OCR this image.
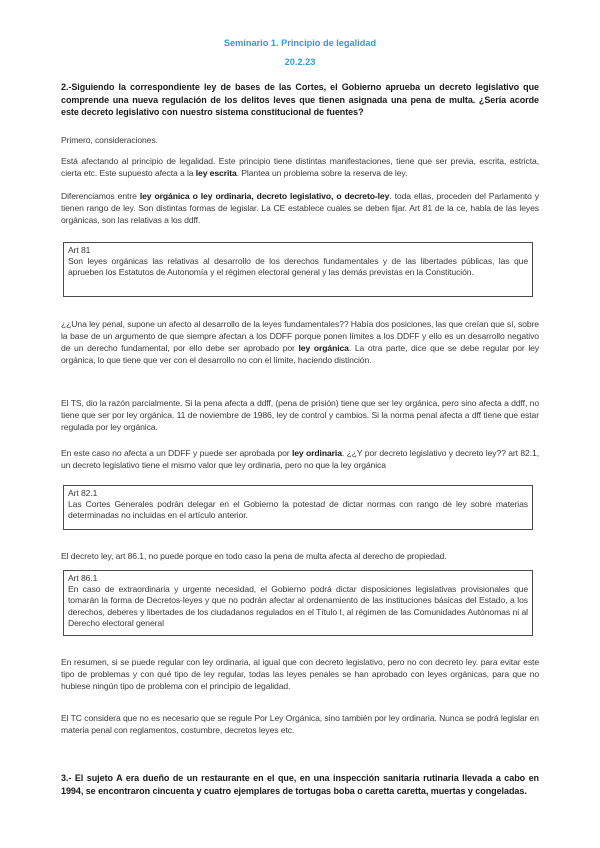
Seminario 1. Principio de legalidad
20.2.23
2.-Siguiendo la correspondiente ley de bases de las Cortes, el Gobierno aprueba un decreto legislativo que comprende una nueva regulación de los delitos leves que tienen asignada una pena de multa. ¿Sería acorde este decreto legislativo con nuestro sistema constitucional de fuentes?
Primero, consideraciones.
Está afectando al principio de legalidad. Este principio tiene distintas manifestaciones, tiene que ser previa, escrita, estricta, cierta etc. Este supuesto afecta a la ley escrita. Plantea un problema sobre la reserva de ley.
Diferenciamos entre ley orgánica o ley ordinaria, decreto legislativo, o decreto-ley. toda ellas, proceden del Parlamento y tienen rango de ley. Son distintas formas de legislar. La CE establece cuales se deben fijar. Art 81 de la ce, habla de las leyes orgánicas, son las relativas a los ddff.
Art 81
Son leyes orgánicas las relativas al desarrollo de los derechos fundamentales y de las libertades públicas, las que aprueben los Estatutos de Autonomía y el régimen electoral general y las demás previstas en la Constitución.
¿¿Una ley penal, supone un afecto al desarrollo de la leyes fundamentales?? Había dos posiciones, las que creían que sí, sobre la base de un argumento de que siempre afectan a los DDFF porque ponen límites a los DDFF y ello es un desarrollo negativo de un derecho fundamental, por ello debe ser aprobado por ley orgánica. La otra parte, dice que se debe regular por ley orgánica, lo que tiene que ver con el desarrollo no con el límite, haciendo distinción.
El TS, dio la razón parcialmente. Si la pena afecta a ddff, (pena de prisión) tiene que ser ley orgánica, pero sino afecta a ddff, no tiene que ser por ley orgánica. 11 de noviembre de 1986, ley de control y cambios. Si la norma penal afecta a dff tiene que estar regulada por ley orgánica.
En este caso no afecta a un DDFF y puede ser aprobada por ley ordinaria. ¿¿Y por decreto legislativo y decreto ley?? art 82.1, un decreto legislativo tiene el mismo valor que ley ordinaria, pero no que la ley orgánica
Art 82.1
Las Cortes Generales podrán delegar en el Gobierno la potestad de dictar normas con rango de ley sobre materias determinadas no incluidas en el artículo anterior.
El decreto ley, art 86.1, no puede porque en todo caso la pena de multa afecta al derecho de propiedad.
Art 86.1
En caso de extraordinaria y urgente necesidad, el Gobierno podrá dictar disposiciones legislativas provisionales que tomarán la forma de Decretos-leyes y que no podrán afectar al ordenamiento de las instituciones básicas del Estado, a los derechos, deberes y libertades de los ciudadanos regulados en el Título I, al régimen de las Comunidades Autónomas ni al Derecho electoral general
En resumen, si se puede regular con ley ordinaria, al igual que con decreto legislativo, pero no con decreto ley. para evitar este tipo de problemas y con qué tipo de ley regular, todas las leyes penales se han aprobado con leyes orgánicas, para que no hubiese ningún tipo de problema con el principio de legalidad.
El TC considera que no es necesario que se regule Por Ley Orgánica, sino también por ley ordinaria. Nunca se podrá legislar en materia penal con reglamentos, costumbre, decretos leyes etc.
3.- El sujeto A era dueño de un restaurante en el que, en una inspección sanitaria rutinaria llevada a cabo en 1994, se encontraron cincuenta y cuatro ejemplares de tortugas boba o caretta caretta, muertas y congeladas.
